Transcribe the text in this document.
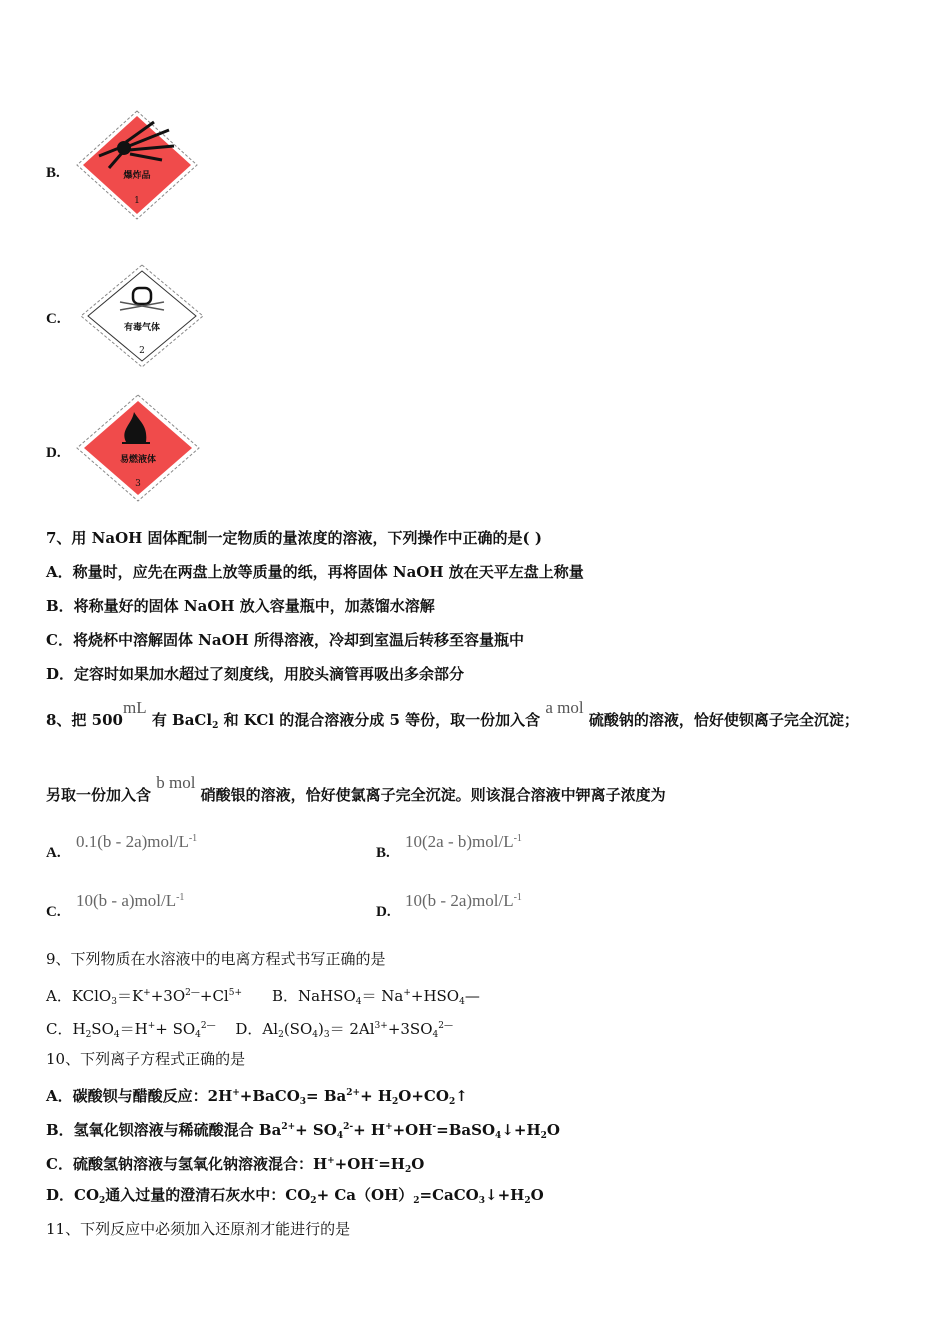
B.
C.
D.
爆炸品
1
有毒气体
2
易燃液体
3
7、用 NaOH 固体配制一定物质的量浓度的溶液，下列操作中正确的是( )
A．称量时，应先在两盘上放等质量的纸，再将固体 NaOH 放在天平左盘上称量
B．将称量好的固体 NaOH 放入容量瓶中，加蒸馏水溶解
C．将烧杯中溶解固体 NaOH 所得溶液，冷却到室温后转移至容量瓶中
D．定容时如果加水超过了刻度线，用胶头滴管再吸出多余部分
8、把 500mL 有 BaCl$_2$ 和 KCl 的混合溶液分成 5 等份，取一份加入含 a mol 硫酸钠的溶液，恰好使钡离子完全沉淀；
另取一份加入含 b mol 硝酸银的溶液，恰好使氯离子完全沉淀。则该混合溶液中钾离子浓度为
9、下列物质在水溶液中的电离方程式书写正确的是
A．$KClO_3=K^++3O^{2—}+Cl^{5+}$　　B．NaHSO$_4$＝ $Na^++HSO_4—$
C．$H_2SO_4=H^++ SO_4^{2—}$　 D．$Al_2(SO_4)_3= 2Al^{3+}+3SO_4^{2—}$
10、下列离子方程式正确的是
A．碳酸钡与醋酸反应：2H++BaCO$_3$= $Ba^{2+}+$ $H_2O+CO_2↑$
B．氢氧化钡溶液与稀硫酸混合 $Ba^{2+}+ SO_4^{2-}+$ $H^++OH^-=BaSO_4↓+H_2O$
C．硫酸氢钠溶液与氢氧化钠溶液混合：$H^++OH^-=H_2O$
D．$CO_2$通入过量的澄清石灰水中：$CO_2+$ $Ca(OH)_2=CaCO_3↓+H_2O$
11、下列反应中必须加入还原剂才能进行的是
A.
$0.1(b - 2a)mol/L^{-1}$
B.
$10(2a - b)mol/L^{-1}$
C.
$10(b - a)mol/L^{-1}$
D.
$10(b - 2a)mol/L^{-1}$
